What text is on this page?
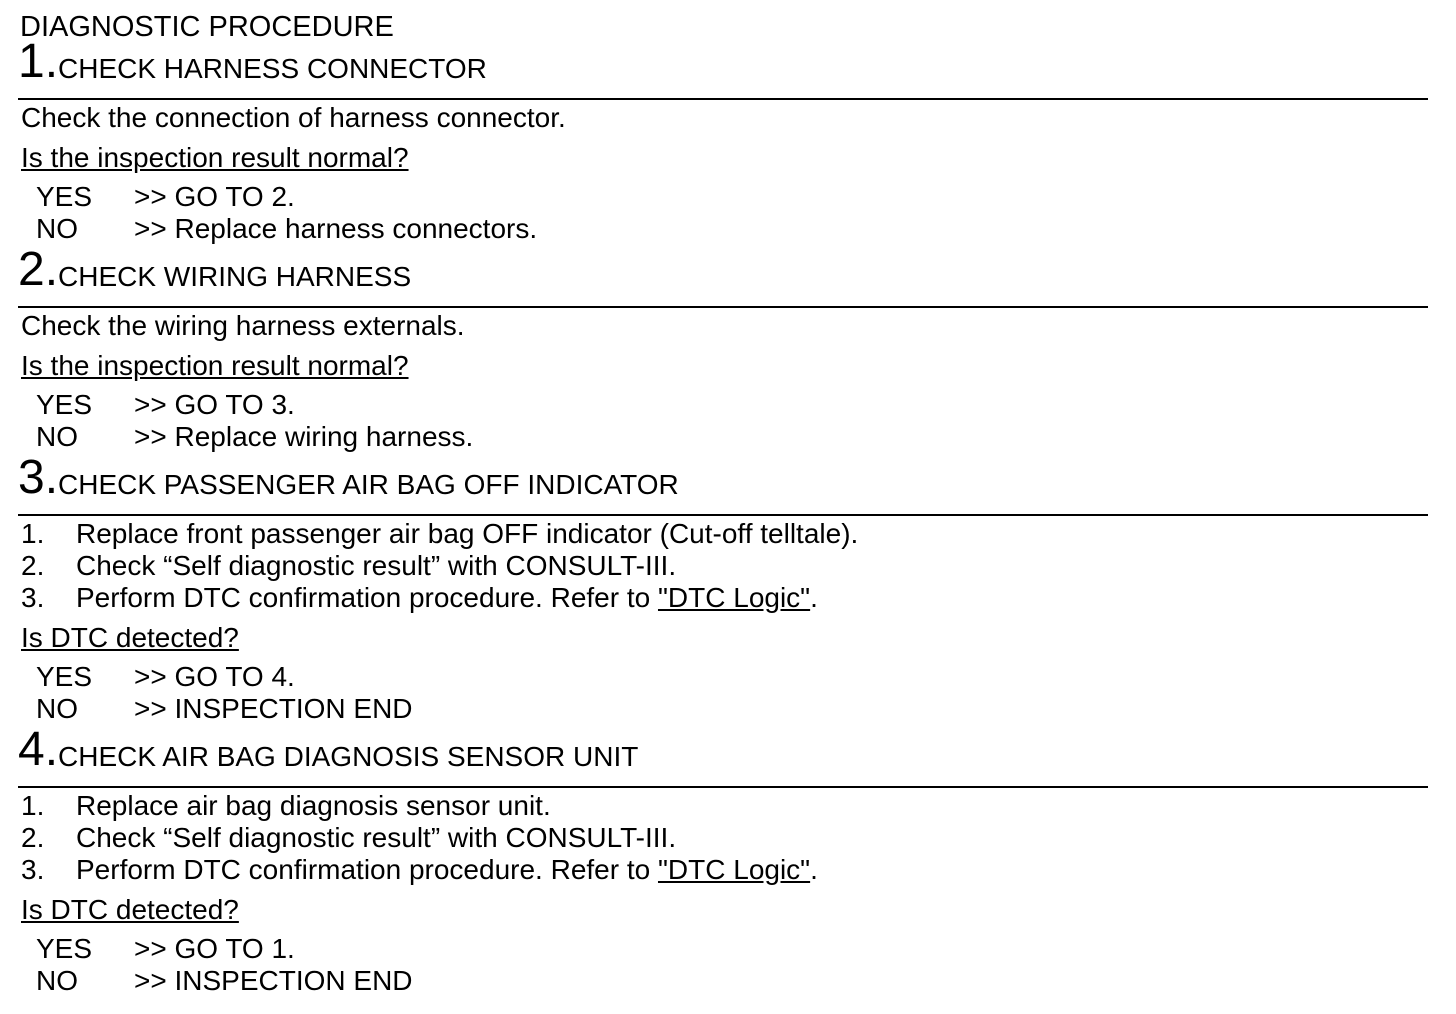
DIAGNOSTIC PROCEDURE
1. CHECK HARNESS CONNECTOR
Check the connection of harness connector.
Is the inspection result normal?
YES	>> GO TO 2.
NO	>> Replace harness connectors.
2. CHECK WIRING HARNESS
Check the wiring harness externals.
Is the inspection result normal?
YES	>> GO TO 3.
NO	>> Replace wiring harness.
3. CHECK PASSENGER AIR BAG OFF INDICATOR
1.	Replace front passenger air bag OFF indicator (Cut-off telltale).
2.	Check “Self diagnostic result” with CONSULT-III.
3.	Perform DTC confirmation procedure. Refer to "DTC Logic".
Is DTC detected?
YES	>> GO TO 4.
NO	>> INSPECTION END
4. CHECK AIR BAG DIAGNOSIS SENSOR UNIT
1.	Replace air bag diagnosis sensor unit.
2.	Check “Self diagnostic result” with CONSULT-III.
3.	Perform DTC confirmation procedure. Refer to "DTC Logic".
Is DTC detected?
YES	>> GO TO 1.
NO	>> INSPECTION END
